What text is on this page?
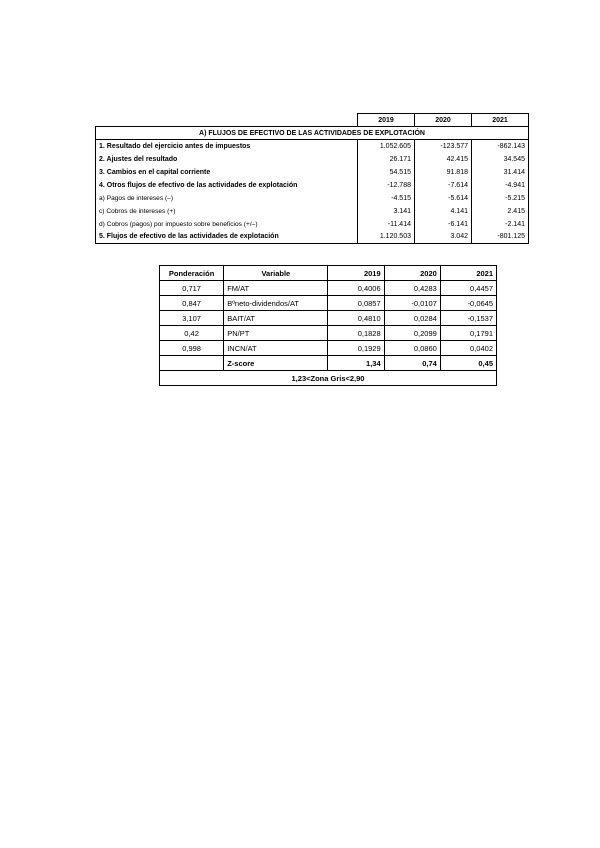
	2019	2020	2021
A) FLUJOS DE EFECTIVO DE LAS ACTIVIDADES DE EXPLOTACIÓN			
1. Resultado del ejercicio antes de impuestos	1.052.605	-123.577	-862.143
2. Ajustes del resultado	26.171	42.415	34.545
3. Cambios en el capital corriente	54.515	91.818	31.414
4. Otros flujos de efectivo de las actividades de explotación	-12.788	-7.614	-4.941
a) Pagos de intereses (–)	-4.515	-5.614	-5.215
c) Cobros de intereses (+)	3.141	4.141	2.415
d) Cobros (pagos) por impuesto sobre beneficios (+/–)	-11.414	-6.141	-2.141
5. Flujos de efectivo de las actividades de explotación	1.120.503	3.042	-801.125
Ponderación	Variable	2019	2020	2021
0,717	FM/AT	0,4006	0,4283	0,4457
0,847	Bºneto-dividendos/AT	0,0857	-0,0107	-0,0645
3,107	BAIT/AT	0,4810	0,0284	-0,1537
0,42	PN/PT	0,1828	0,2099	0,1791
0,998	INCN/AT	0,1929	0,0860	0,0402
	Z-score	1,34	0,74	0,45
1,23<Zona Gris<2,90				
